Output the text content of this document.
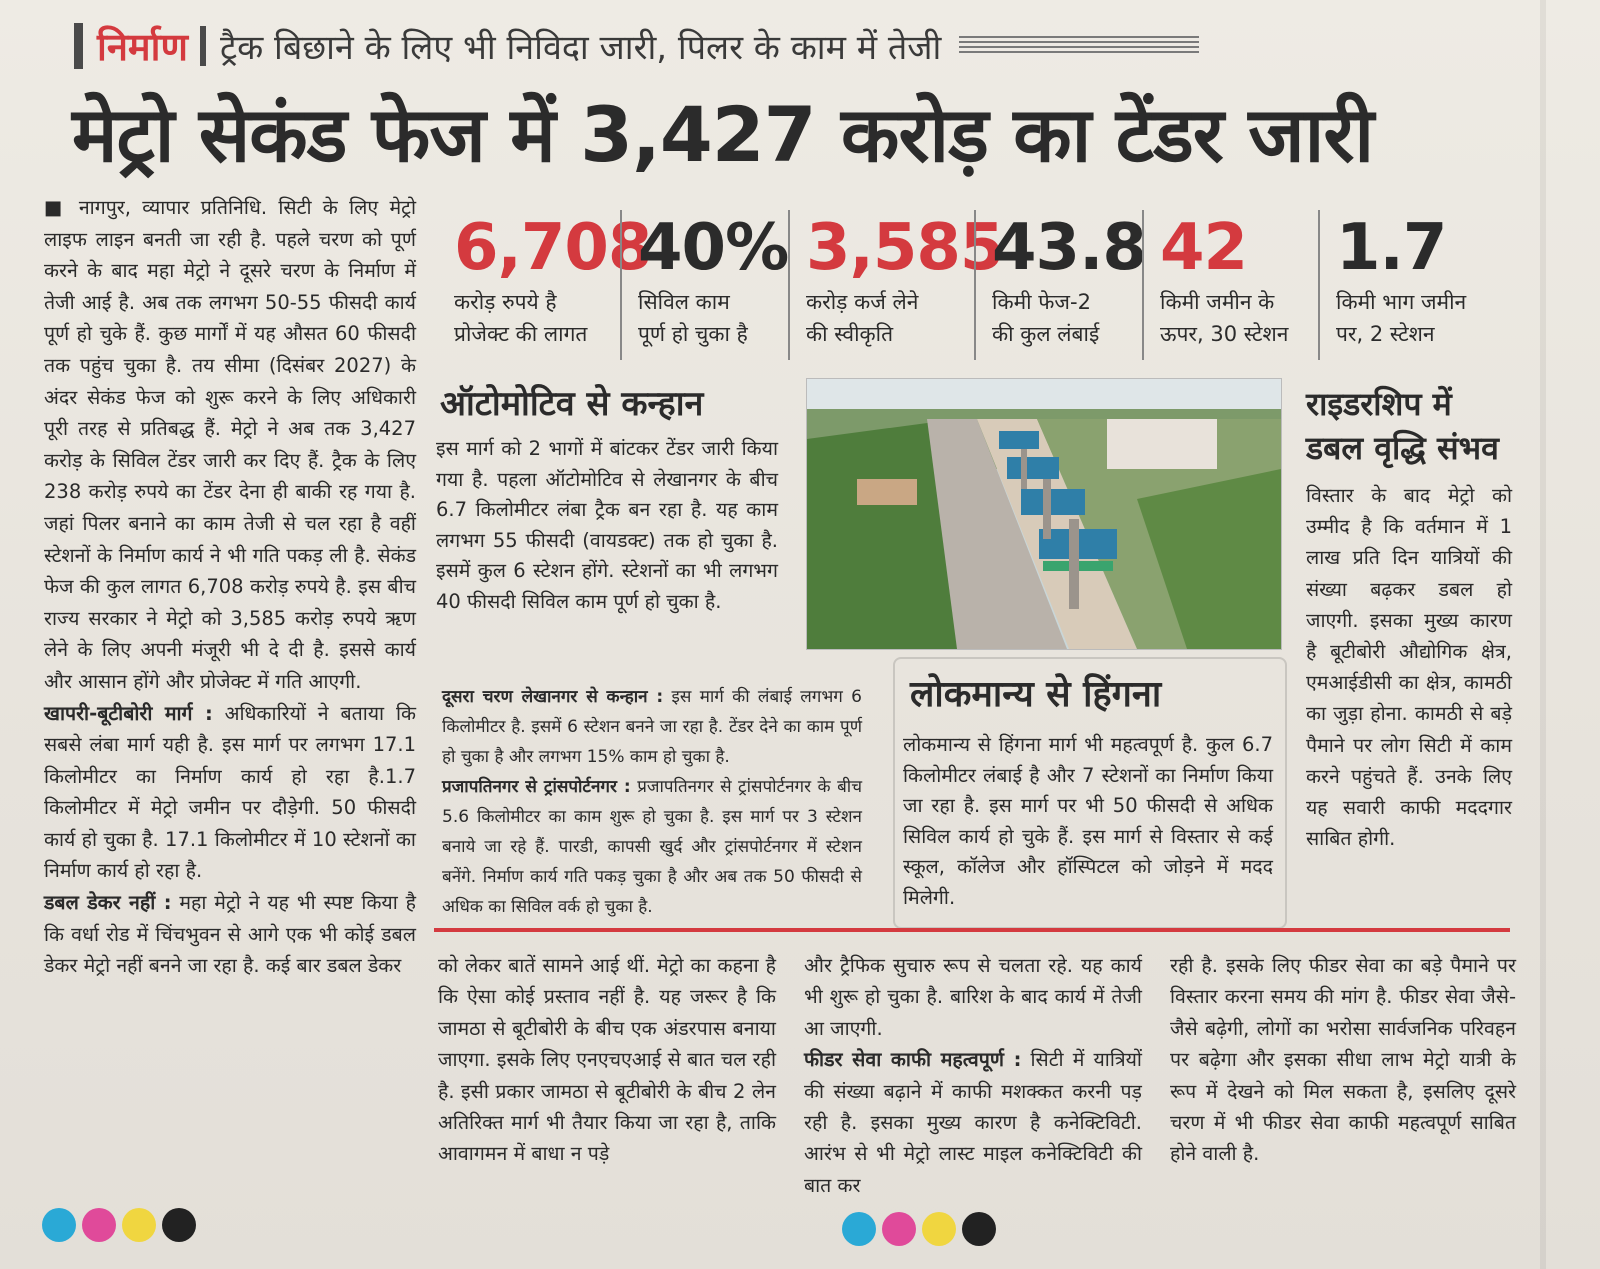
निर्माण ट्रैक बिछाने के लिए भी निविदा जारी, पिलर के काम में तेजी
मेट्रो सेकंड फेज में 3,427 करोड़ का टेंडर जारी

■ नागपुर, व्यापार प्रतिनिधि. सिटी के लिए मेट्रो लाइफ लाइन बनती जा रही है. पहले चरण को पूर्ण करने के बाद महा मेट्रो ने दूसरे चरण के निर्माण में तेजी आई है. अब तक लगभग 50-55 फीसदी कार्य पूर्ण हो चुके हैं. कुछ मार्गों में यह औसत 60 फीसदी तक पहुंच चुका है. तय सीमा (दिसंबर 2027) के अंदर सेकंड फेज को शुरू करने के लिए अधिकारी पूरी तरह से प्रतिबद्ध हैं. मेट्रो ने अब तक 3,427 करोड़ के सिविल टेंडर जारी कर दिए हैं. ट्रैक के लिए 238 करोड़ रुपये का टेंडर देना ही बाकी रह गया है. जहां पिलर बनाने का काम तेजी से चल रहा है वहीं स्टेशनों के निर्माण कार्य ने भी गति पकड़ ली है. सेकंड फेज की कुल लागत 6,708 करोड़ रुपये है. इस बीच राज्य सरकार ने मेट्रो को 3,585 करोड़ रुपये ऋण लेने के लिए अपनी मंजूरी भी दे दी है. इससे कार्य और आसान होंगे और प्रोजेक्ट में गति आएगी.

खापरी-बूटीबोरी मार्ग : अधिकारियों ने बताया कि सबसे लंबा मार्ग यही है. इस मार्ग पर लगभग 17.1 किलोमीटर का निर्माण कार्य हो रहा है.1.7 किलोमीटर में मेट्रो जमीन पर दौड़ेगी. 50 फीसदी कार्य हो चुका है. 17.1 किलोमीटर में 10 स्टेशनों का निर्माण कार्य हो रहा है.

डबल डेकर नहीं : महा मेट्रो ने यह भी स्पष्ट किया है कि वर्धा रोड में चिंचभुवन से आगे एक भी कोई डबल डेकर मेट्रो नहीं बनने जा रहा है. कई बार डबल डेकर

6,708
करोड़ रुपये है
प्रोजेक्ट की लागत
40%
सिविल काम
पूर्ण हो चुका है
3,585
करोड़ कर्ज लेने
की स्वीकृति
43.8
किमी फेज-2
की कुल लंबाई
42
किमी जमीन के
ऊपर, 30 स्टेशन
1.7
किमी भाग जमीन
पर, 2 स्टेशन
ऑटोमोटिव से कन्हान

इस मार्ग को 2 भागों में बांटकर टेंडर जारी किया गया है. पहला ऑटोमोटिव से लेखानगर के बीच 6.7 किलोमीटर लंबा ट्रैक बन रहा है. यह काम लगभग 55 फीसदी (वायडक्ट) तक हो चुका है. इसमें कुल 6 स्टेशन होंगे. स्टेशनों का भी लगभग 40 फीसदी सिविल काम पूर्ण हो चुका है.

दूसरा चरण लेखानगर से कन्हान : इस मार्ग की लंबाई लगभग 6 किलोमीटर है. इसमें 6 स्टेशन बनने जा रहा है. टेंडर देने का काम पूर्ण हो चुका है और लगभग 15% काम हो चुका है.

प्रजापतिनगर से ट्रांसपोर्टनगर : प्रजापतिनगर से ट्रांसपोर्टनगर के बीच 5.6 किलोमीटर का काम शुरू हो चुका है. इस मार्ग पर 3 स्टेशन बनाये जा रहे हैं. पारडी, कापसी खुर्द और ट्रांसपोर्टनगर में स्टेशन बनेंगे. निर्माण कार्य गति पकड़ चुका है और अब तक 50 फीसदी से अधिक का सिविल वर्क हो चुका है.

लोकमान्य से हिंगना

लोकमान्य से हिंगना मार्ग भी महत्वपूर्ण है. कुल 6.7 किलोमीटर लंबाई है और 7 स्टेशनों का निर्माण किया जा रहा है. इस मार्ग पर भी 50 फीसदी से अधिक सिविल कार्य हो चुके हैं. इस मार्ग से विस्तार से कई स्कूल, कॉलेज और हॉस्पिटल को जोड़ने में मदद मिलेगी.

राइडरशिप में
डबल वृद्धि संभव

विस्तार के बाद मेट्रो को उम्मीद है कि वर्तमान में 1 लाख प्रति दिन यात्रियों की संख्या बढ़कर डबल हो जाएगी. इसका मुख्य कारण है बूटीबोरी औद्योगिक क्षेत्र, एमआईडीसी का क्षेत्र, कामठी का जुड़ा होना. कामठी से बड़े पैमाने पर लोग सिटी में काम करने पहुंचते हैं. उनके लिए यह सवारी काफी मददगार साबित होगी.

को लेकर बातें सामने आई थीं. मेट्रो का कहना है कि ऐसा कोई प्रस्ताव नहीं है. यह जरूर है कि जामठा से बूटीबोरी के बीच एक अंडरपास बनाया जाएगा. इसके लिए एनएचएआई से बात चल रही है. इसी प्रकार जामठा से बूटीबोरी के बीच 2 लेन अतिरिक्त मार्ग भी तैयार किया जा रहा है, ताकि आवागमन में बाधा न पड़े

और ट्रैफिक सुचारु रूप से चलता रहे. यह कार्य भी शुरू हो चुका है. बारिश के बाद कार्य में तेजी आ जाएगी.

फीडर सेवा काफी महत्वपूर्ण : सिटी में यात्रियों की संख्या बढ़ाने में काफी मशक्कत करनी पड़ रही है. इसका मुख्य कारण है कनेक्टिविटी. आरंभ से भी मेट्रो लास्ट माइल कनेक्टिविटी की बात कर

रही है. इसके लिए फीडर सेवा का बड़े पैमाने पर विस्तार करना समय की मांग है. फीडर सेवा जैसे-जैसे बढ़ेगी, लोगों का भरोसा सार्वजनिक परिवहन पर बढ़ेगा और इसका सीधा लाभ मेट्रो यात्री के रूप में देखने को मिल सकता है, इसलिए दूसरे चरण में भी फीडर सेवा काफी महत्वपूर्ण साबित होने वाली है.
